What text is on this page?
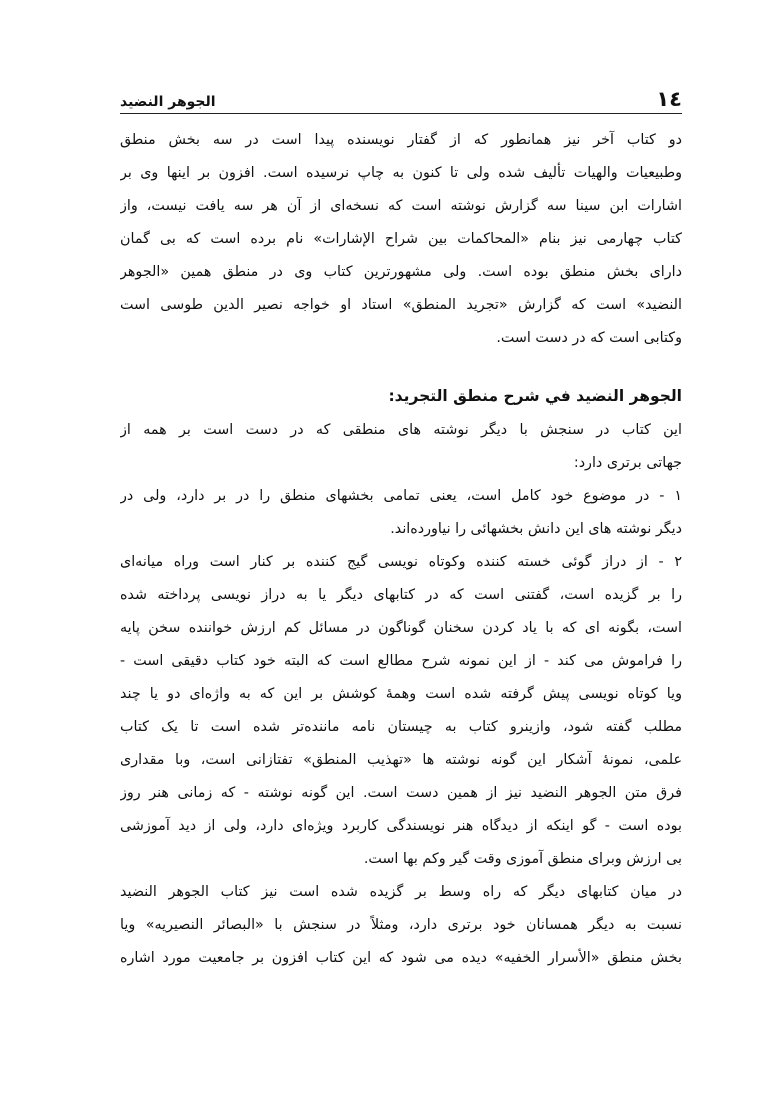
١٤
الجوهر النضيد
دو کتاب آخر نیز همانطور که از گفتار نویسنده پیدا است در سه بخش منطق
وطبیعیات والهیات تألیف شده ولی تا کنون به چاپ نرسیده است. افزون بر اینها وی بر
اشارات ابن سینا سه گزارش نوشته است که نسخه‌ای از آن هر سه یافت نیست، واز
کتاب چهارمی نیز بنام «المحاکمات بین شراح الإشارات» نام برده است که بی گمان
دارای بخش منطق بوده است. ولی مشهورترین کتاب وی در منطق همین «الجوهر
النضید» است که گزارش «تجرید المنطق» استاد او خواجه نصیر الدین طوسی است
وکتابی است که در دست است.
الجوهر النضيد في شرح منطق التجريد:
این کتاب در سنجش با دیگر نوشته های منطقی که در دست است بر همه از
جهاتی برتری دارد:
١ - در موضوع خود کامل است، یعنی تمامی بخشهای منطق را در بر دارد، ولی در
دیگر نوشته های این دانش بخشهائی را نیاورده‌اند.
٢ - از دراز گوئی خسته کننده وکوتاه نویسی گیج کننده بر کنار است وراه میانه‌ای
را بر گزیده است، گفتنی است که در کتابهای دیگر یا به دراز نویسی پرداخته شده
است، بگونه ای که با یاد کردن سخنان گوناگون در مسائل کم ارزش خواننده سخن پایه
را فراموش می کند - از این نمونه شرح مطالع است که البته خود کتاب دقیقی است -
ویا کوتاه نویسی پیش گرفته شده است وهمهٔ کوشش بر این که به واژه‌ای دو یا چند
مطلب گفته شود، وازینرو کتاب به چیستان نامه مانندەتر شده است تا یک کتاب
علمی، نمونهٔ آشکار این گونه نوشته ها «تهذیب المنطق» تفتازانی است، وبا مقداری
فرق متن الجوهر النضید نیز از همین دست است. این گونه نوشته - که زمانی هنر روز
بوده است - گو اینکه از دیدگاه هنر نویسندگی کاربرد ویژه‌ای دارد، ولی از دید آموزشی
بی ارزش وبرای منطق آموزی وقت گیر وکم بها است.
در میان کتابهای دیگر که راه وسط بر گزیده شده است نیز کتاب الجوهر النضید
نسبت به دیگر همسانان خود برتری دارد، ومثلاً در سنجش با «البصائر النصیریه» ویا
بخش منطق «الأسرار الخفیه» دیده می شود که این کتاب افزون بر جامعیت مورد اشاره
